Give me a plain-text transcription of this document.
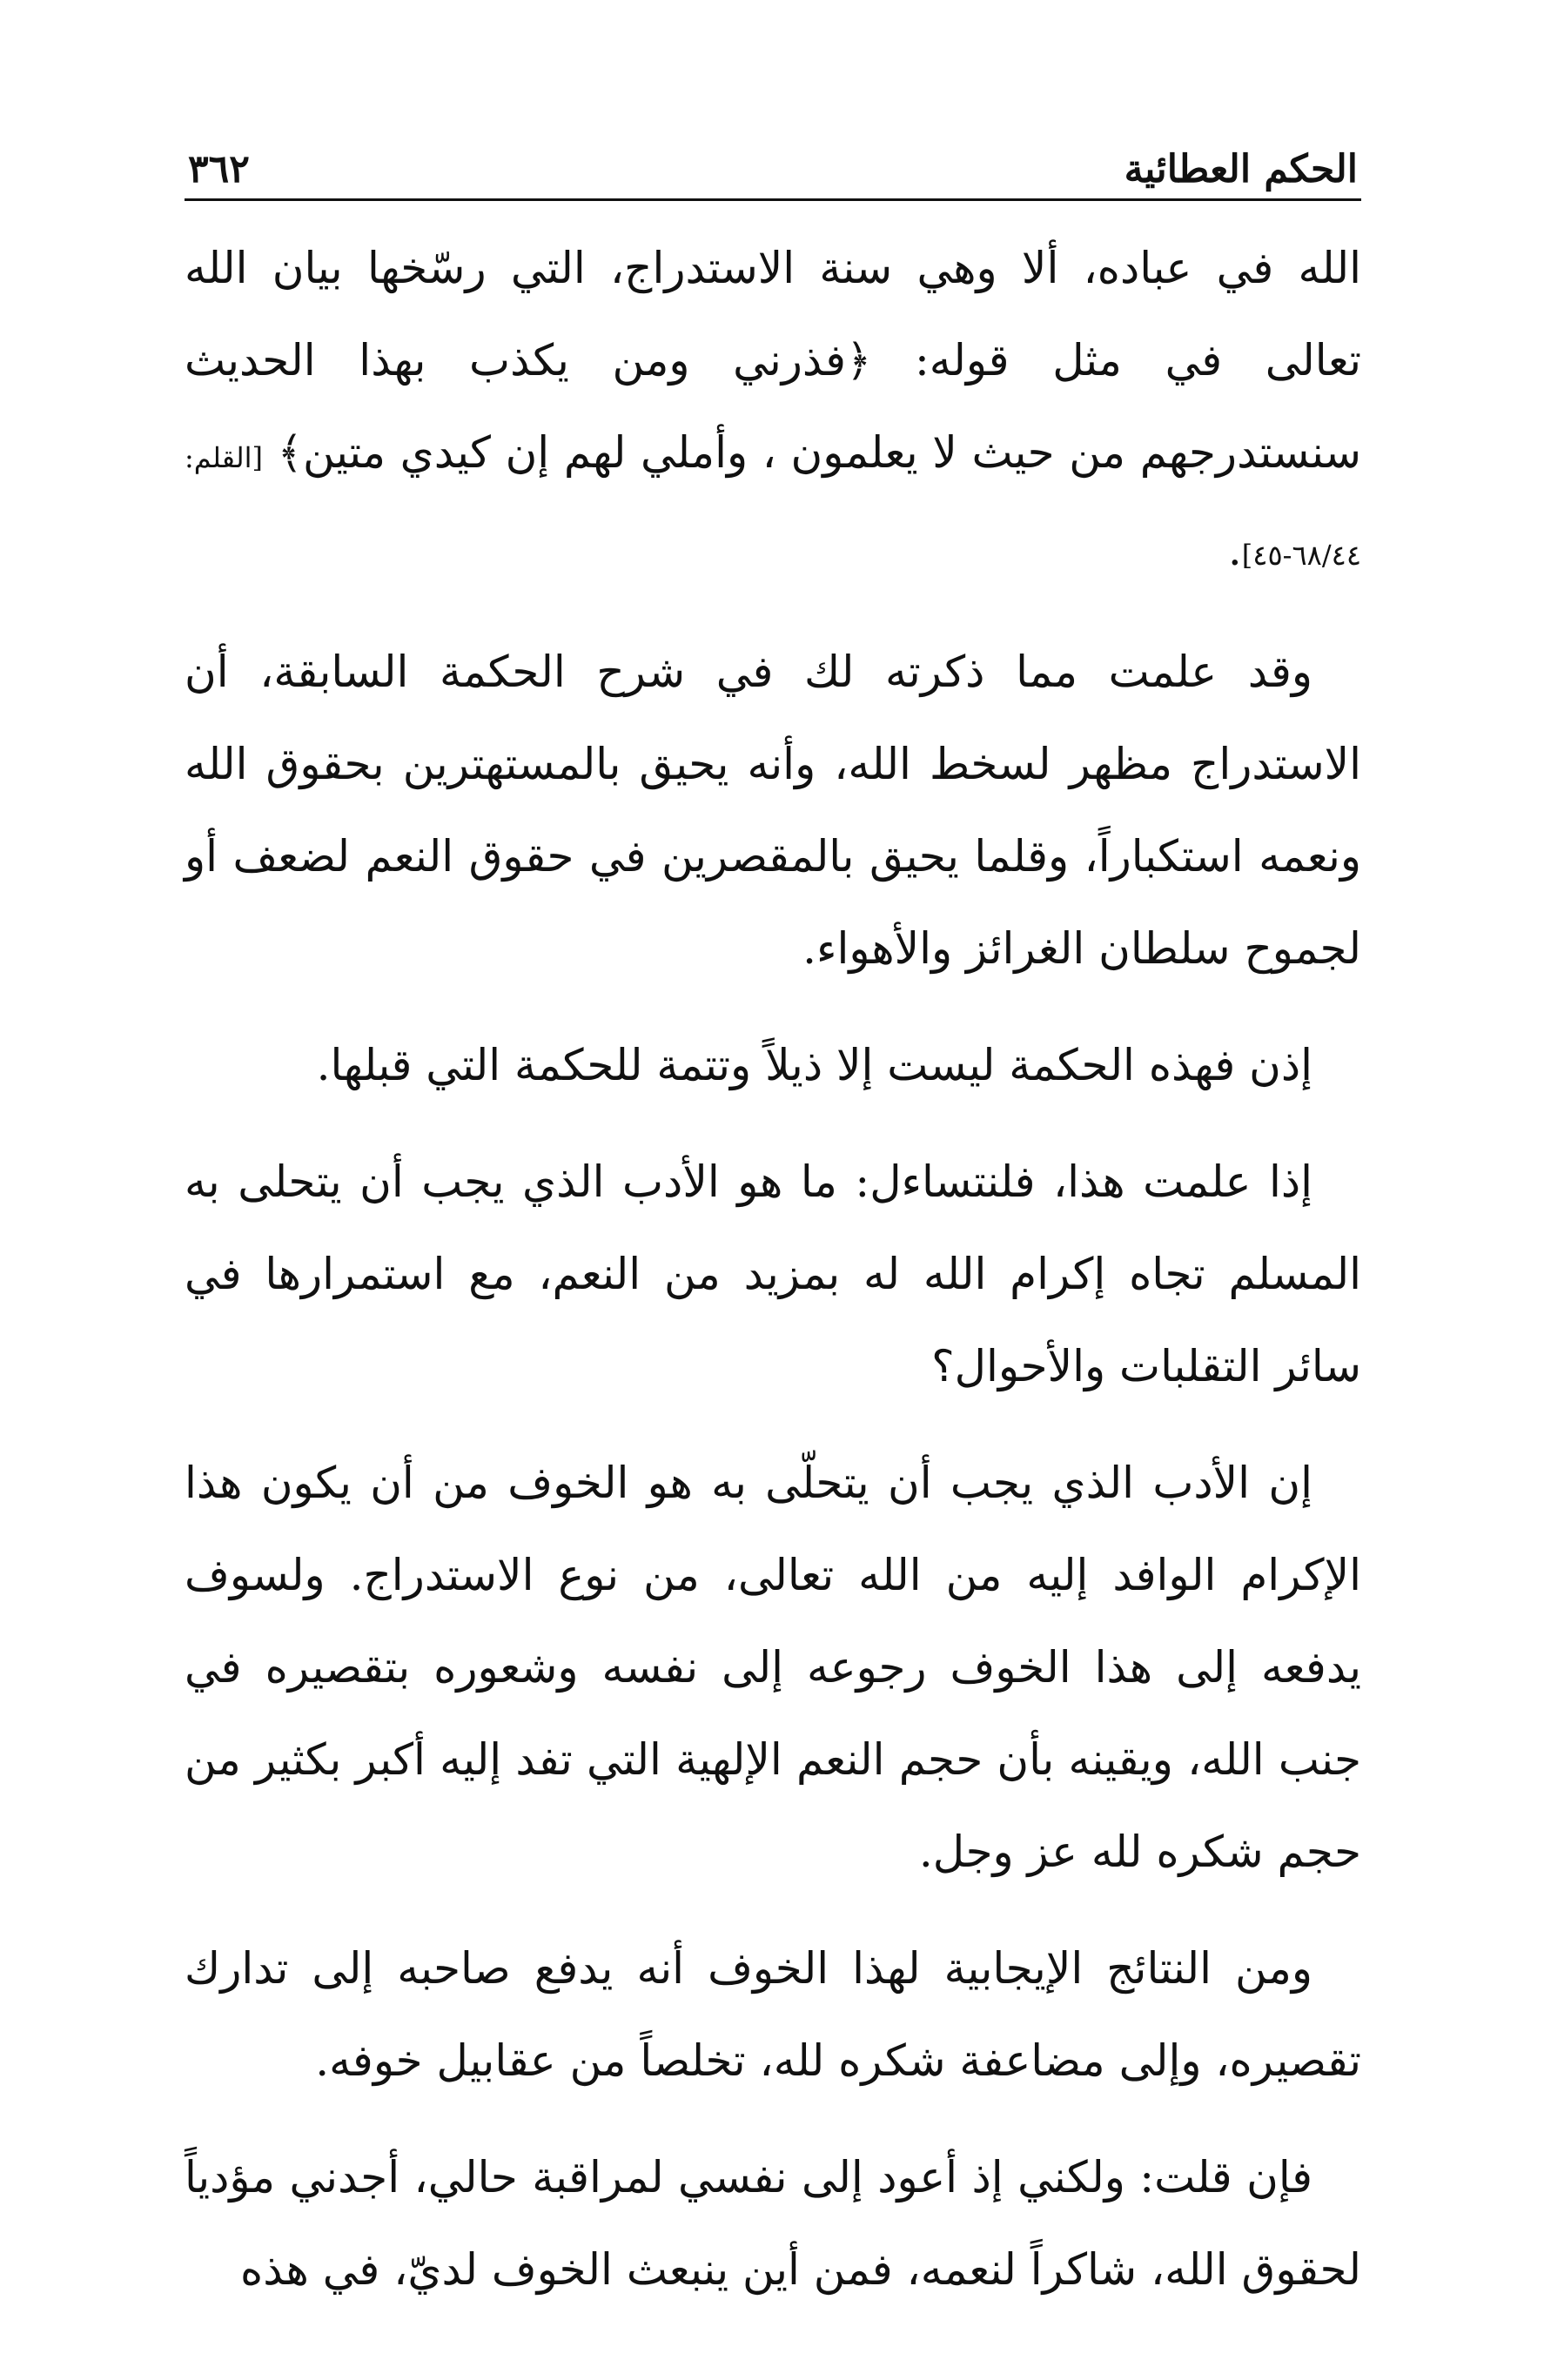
الحكم العطائية
٣٦٢

الله في عباده، ألا وهي سنة الاستدراج، التي رسّخها بيان الله تعالى في مثل قوله: ﴿فذرني ومن يكذب بهذا الحديث سنستدرجهم من حيث لا يعلمون ، وأملي لهم إن كيدي متين﴾ [القلم: ٦٨/٤٤-٤٥].

وقد علمت مما ذكرته لك في شرح الحكمة السابقة، أن الاستدراج مظهر لسخط الله، وأنه يحيق بالمستهترين بحقوق الله ونعمه استكباراً، وقلما يحيق بالمقصرين في حقوق النعم لضعف أو لجموح سلطان الغرائز والأهواء.

إذن فهذه الحكمة ليست إلا ذيلاً وتتمة للحكمة التي قبلها.

إذا علمت هذا، فلنتساءل: ما هو الأدب الذي يجب أن يتحلى به المسلم تجاه إكرام الله له بمزيد من النعم، مع استمرارها في سائر التقلبات والأحوال؟

إن الأدب الذي يجب أن يتحلّى به هو الخوف من أن يكون هذا الإكرام الوافد إليه من الله تعالى، من نوع الاستدراج. ولسوف يدفعه إلى هذا الخوف رجوعه إلى نفسه وشعوره بتقصيره في جنب الله، ويقينه بأن حجم النعم الإلهية التي تفد إليه أكبر بكثير من حجم شكره لله عز وجل.

ومن النتائج الإيجابية لهذا الخوف أنه يدفع صاحبه إلى تدارك تقصيره، وإلى مضاعفة شكره لله، تخلصاً من عقابيل خوفه.

فإن قلت: ولكني إذ أعود إلى نفسي لمراقبة حالي، أجدني مؤدياً لحقوق الله، شاكراً لنعمه، فمن أين ينبعث الخوف لديّ، في هذه
